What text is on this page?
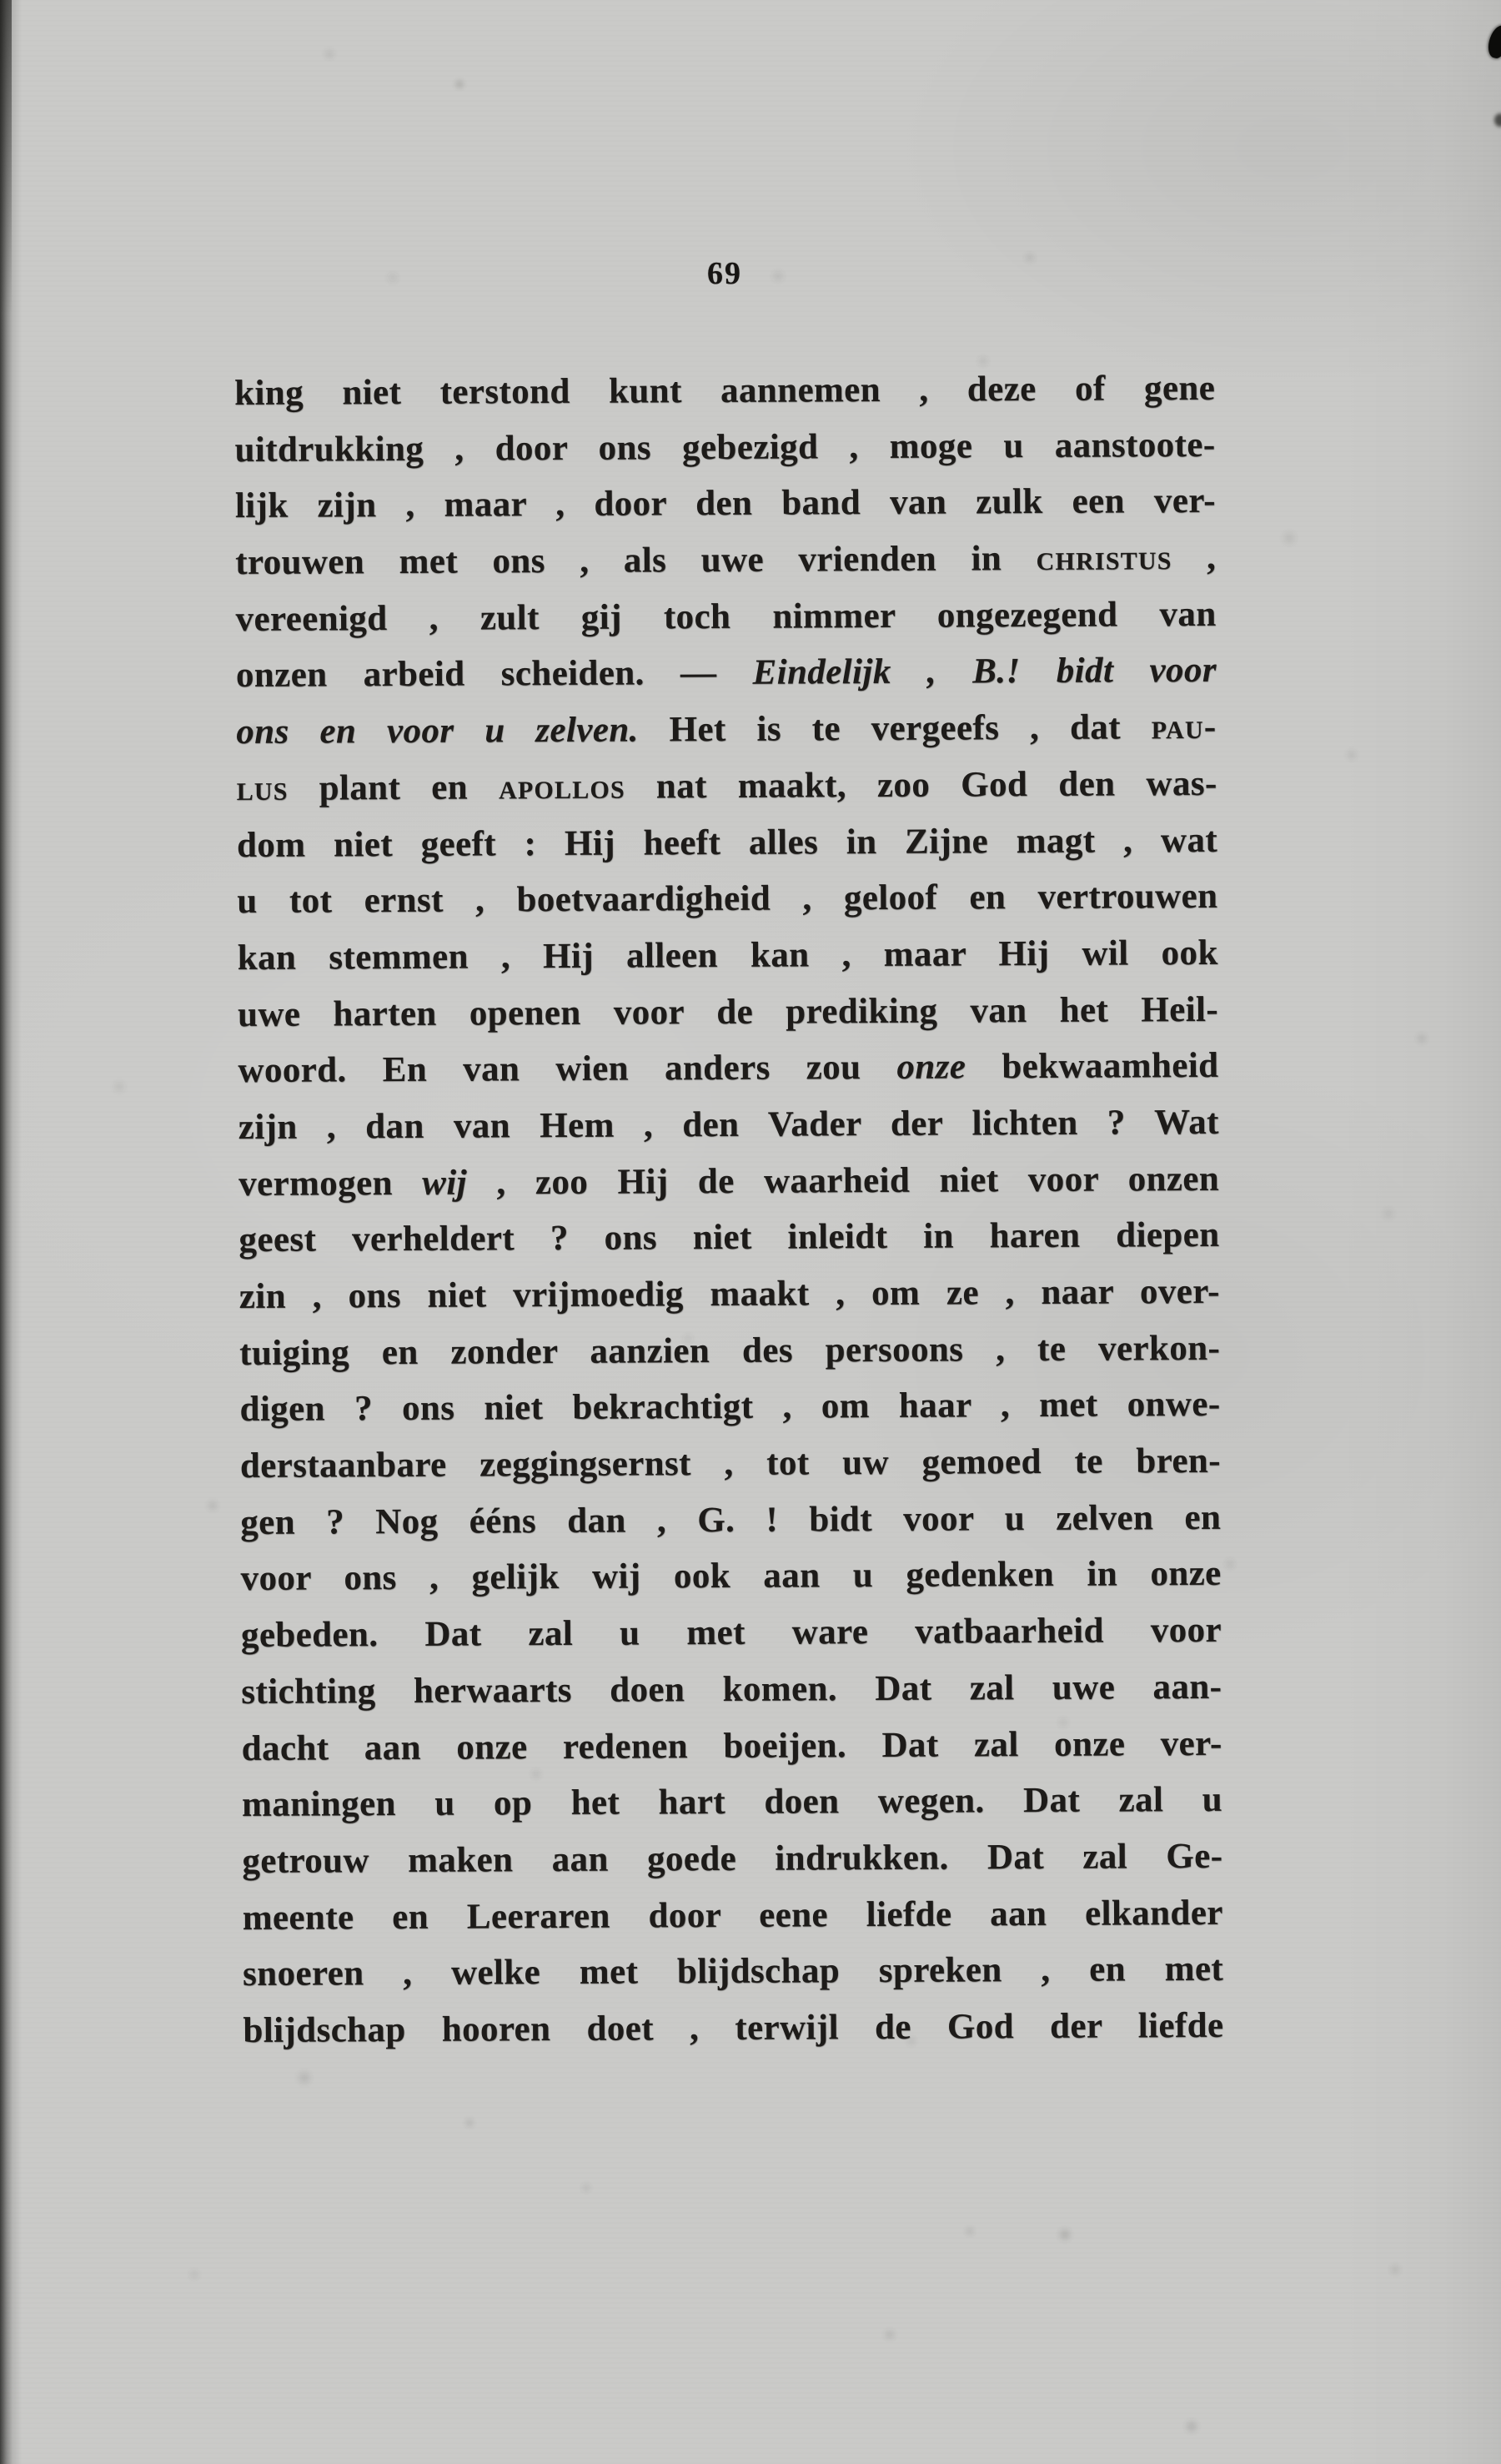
69
king niet terstond kunt aannemen , deze of gene
uitdrukking , door ons gebezigd , moge u aanstoote-
lijk zijn , maar , door den band van zulk een ver-
trouwen met ons , als uwe vrienden in christus ,
vereenigd , zult gij toch nimmer ongezegend van
onzen arbeid scheiden. — Eindelijk , B.! bidt voor
ons en voor u zelven. Het is te vergeefs , dat pau-
lus plant en apollos nat maakt, zoo God den was-
dom niet geeft : Hij heeft alles in Zijne magt , wat
u tot ernst , boetvaardigheid , geloof en vertrouwen
kan stemmen , Hij alleen kan , maar Hij wil ook
uwe harten openen voor de prediking van het Heil-
woord. En van wien anders zou onze bekwaamheid
zijn , dan van Hem , den Vader der lichten ? Wat
vermogen wij , zoo Hij de waarheid niet voor onzen
geest verheldert ? ons niet inleidt in haren diepen
zin , ons niet vrijmoedig maakt , om ze , naar over-
tuiging en zonder aanzien des persoons , te verkon-
digen ? ons niet bekrachtigt , om haar , met onwe-
derstaanbare zeggingsernst , tot uw gemoed te bren-
gen ? Nog ééns dan , G. ! bidt voor u zelven en
voor ons , gelijk wij ook aan u gedenken in onze
gebeden. Dat zal u met ware vatbaarheid voor
stichting herwaarts doen komen. Dat zal uwe aan-
dacht aan onze redenen boeijen. Dat zal onze ver-
maningen u op het hart doen wegen. Dat zal u
getrouw maken aan goede indrukken. Dat zal Ge-
meente en Leeraren door eene liefde aan elkander
snoeren , welke met blijdschap spreken , en met
blijdschap hooren doet , terwijl de God der liefde
